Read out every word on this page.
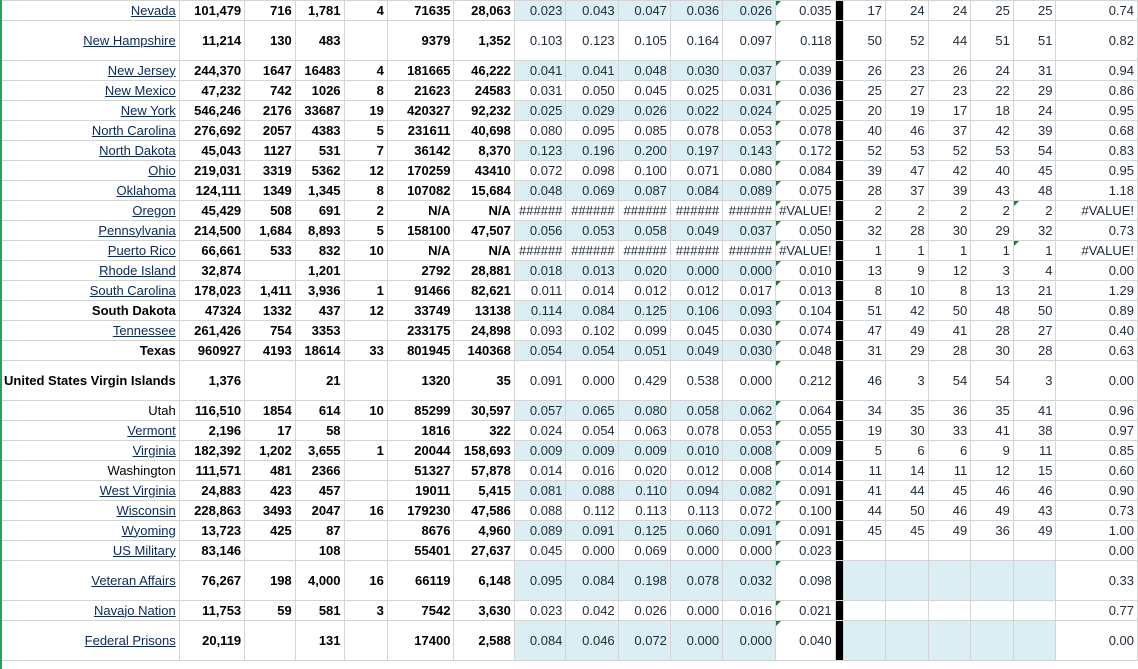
Nevada	101,479	716	1,781	4	71635	28,063	0.023	0.043	0.047	0.036	0.026	0.035		17	24	24	25	25	0.74
New Hampshire	11,214	130	483		9379	1,352	0.103	0.123	0.105	0.164	0.097	0.118		50	52	44	51	51	0.82
New Jersey	244,370	1647	16483	4	181665	46,222	0.041	0.041	0.048	0.030	0.037	0.039		26	23	26	24	31	0.94
New Mexico	47,232	742	1026	8	21623	24583	0.031	0.050	0.045	0.025	0.031	0.036		25	27	23	22	29	0.86
New York	546,246	2176	33687	19	420327	92,232	0.025	0.029	0.026	0.022	0.024	0.025		20	19	17	18	24	0.95
North Carolina	276,692	2057	4383	5	231611	40,698	0.080	0.095	0.085	0.078	0.053	0.078		40	46	37	42	39	0.68
North Dakota	45,043	1127	531	7	36142	8,370	0.123	0.196	0.200	0.197	0.143	0.172		52	53	52	53	54	0.83
Ohio	219,031	3319	5362	12	170259	43410	0.072	0.098	0.100	0.071	0.080	0.084		39	47	42	40	45	0.95
Oklahoma	124,111	1349	1,345	8	107082	15,684	0.048	0.069	0.087	0.084	0.089	0.075		28	37	39	43	48	1.18
Oregon	45,429	508	691	2	N/A	N/A	######	######	######	######	######	#VALUE!		2	2	2	2	2	#VALUE!
Pennsylvania	214,500	1,684	8,893	5	158100	47,507	0.056	0.053	0.058	0.049	0.037	0.050		32	28	30	29	32	0.73
Puerto Rico	66,661	533	832	10	N/A	N/A	######	######	######	######	######	#VALUE!		1	1	1	1	1	#VALUE!
Rhode Island	32,874		1,201		2792	28,881	0.018	0.013	0.020	0.000	0.000	0.010		13	9	12	3	4	0.00
South Carolina	178,023	1,411	3,936	1	91466	82,621	0.011	0.014	0.012	0.012	0.017	0.013		8	10	8	13	21	1.29
South Dakota	47324	1332	437	12	33749	13138	0.114	0.084	0.125	0.106	0.093	0.104		51	42	50	48	50	0.89
Tennessee	261,426	754	3353		233175	24,898	0.093	0.102	0.099	0.045	0.030	0.074		47	49	41	28	27	0.40
Texas	960927	4193	18614	33	801945	140368	0.054	0.054	0.051	0.049	0.030	0.048		31	29	28	30	28	0.63
United States Virgin Islands	1,376		21		1320	35	0.091	0.000	0.429	0.538	0.000	0.212		46	3	54	54	3	0.00
Utah	116,510	1854	614	10	85299	30,597	0.057	0.065	0.080	0.058	0.062	0.064		34	35	36	35	41	0.96
Vermont	2,196	17	58		1816	322	0.024	0.054	0.063	0.078	0.053	0.055		19	30	33	41	38	0.97
Virginia	182,392	1,202	3,655	1	20044	158,693	0.009	0.009	0.009	0.010	0.008	0.009		5	6	6	9	11	0.85
Washington	111,571	481	2366		51327	57,878	0.014	0.016	0.020	0.012	0.008	0.014		11	14	11	12	15	0.60
West Virginia	24,883	423	457		19011	5,415	0.081	0.088	0.110	0.094	0.082	0.091		41	44	45	46	46	0.90
Wisconsin	228,863	3493	2047	16	179230	47,586	0.088	0.112	0.113	0.113	0.072	0.100		44	50	46	49	43	0.73
Wyoming	13,723	425	87		8676	4,960	0.089	0.091	0.125	0.060	0.091	0.091		45	45	49	36	49	1.00
US Military	83,146		108		55401	27,637	0.045	0.000	0.069	0.000	0.000	0.023							0.00
Veteran Affairs	76,267	198	4,000	16	66119	6,148	0.095	0.084	0.198	0.078	0.032	0.098							0.33
Navajo Nation	11,753	59	581	3	7542	3,630	0.023	0.042	0.026	0.000	0.016	0.021							0.77
Federal Prisons	20,119		131		17400	2,588	0.084	0.046	0.072	0.000	0.000	0.040							0.00
